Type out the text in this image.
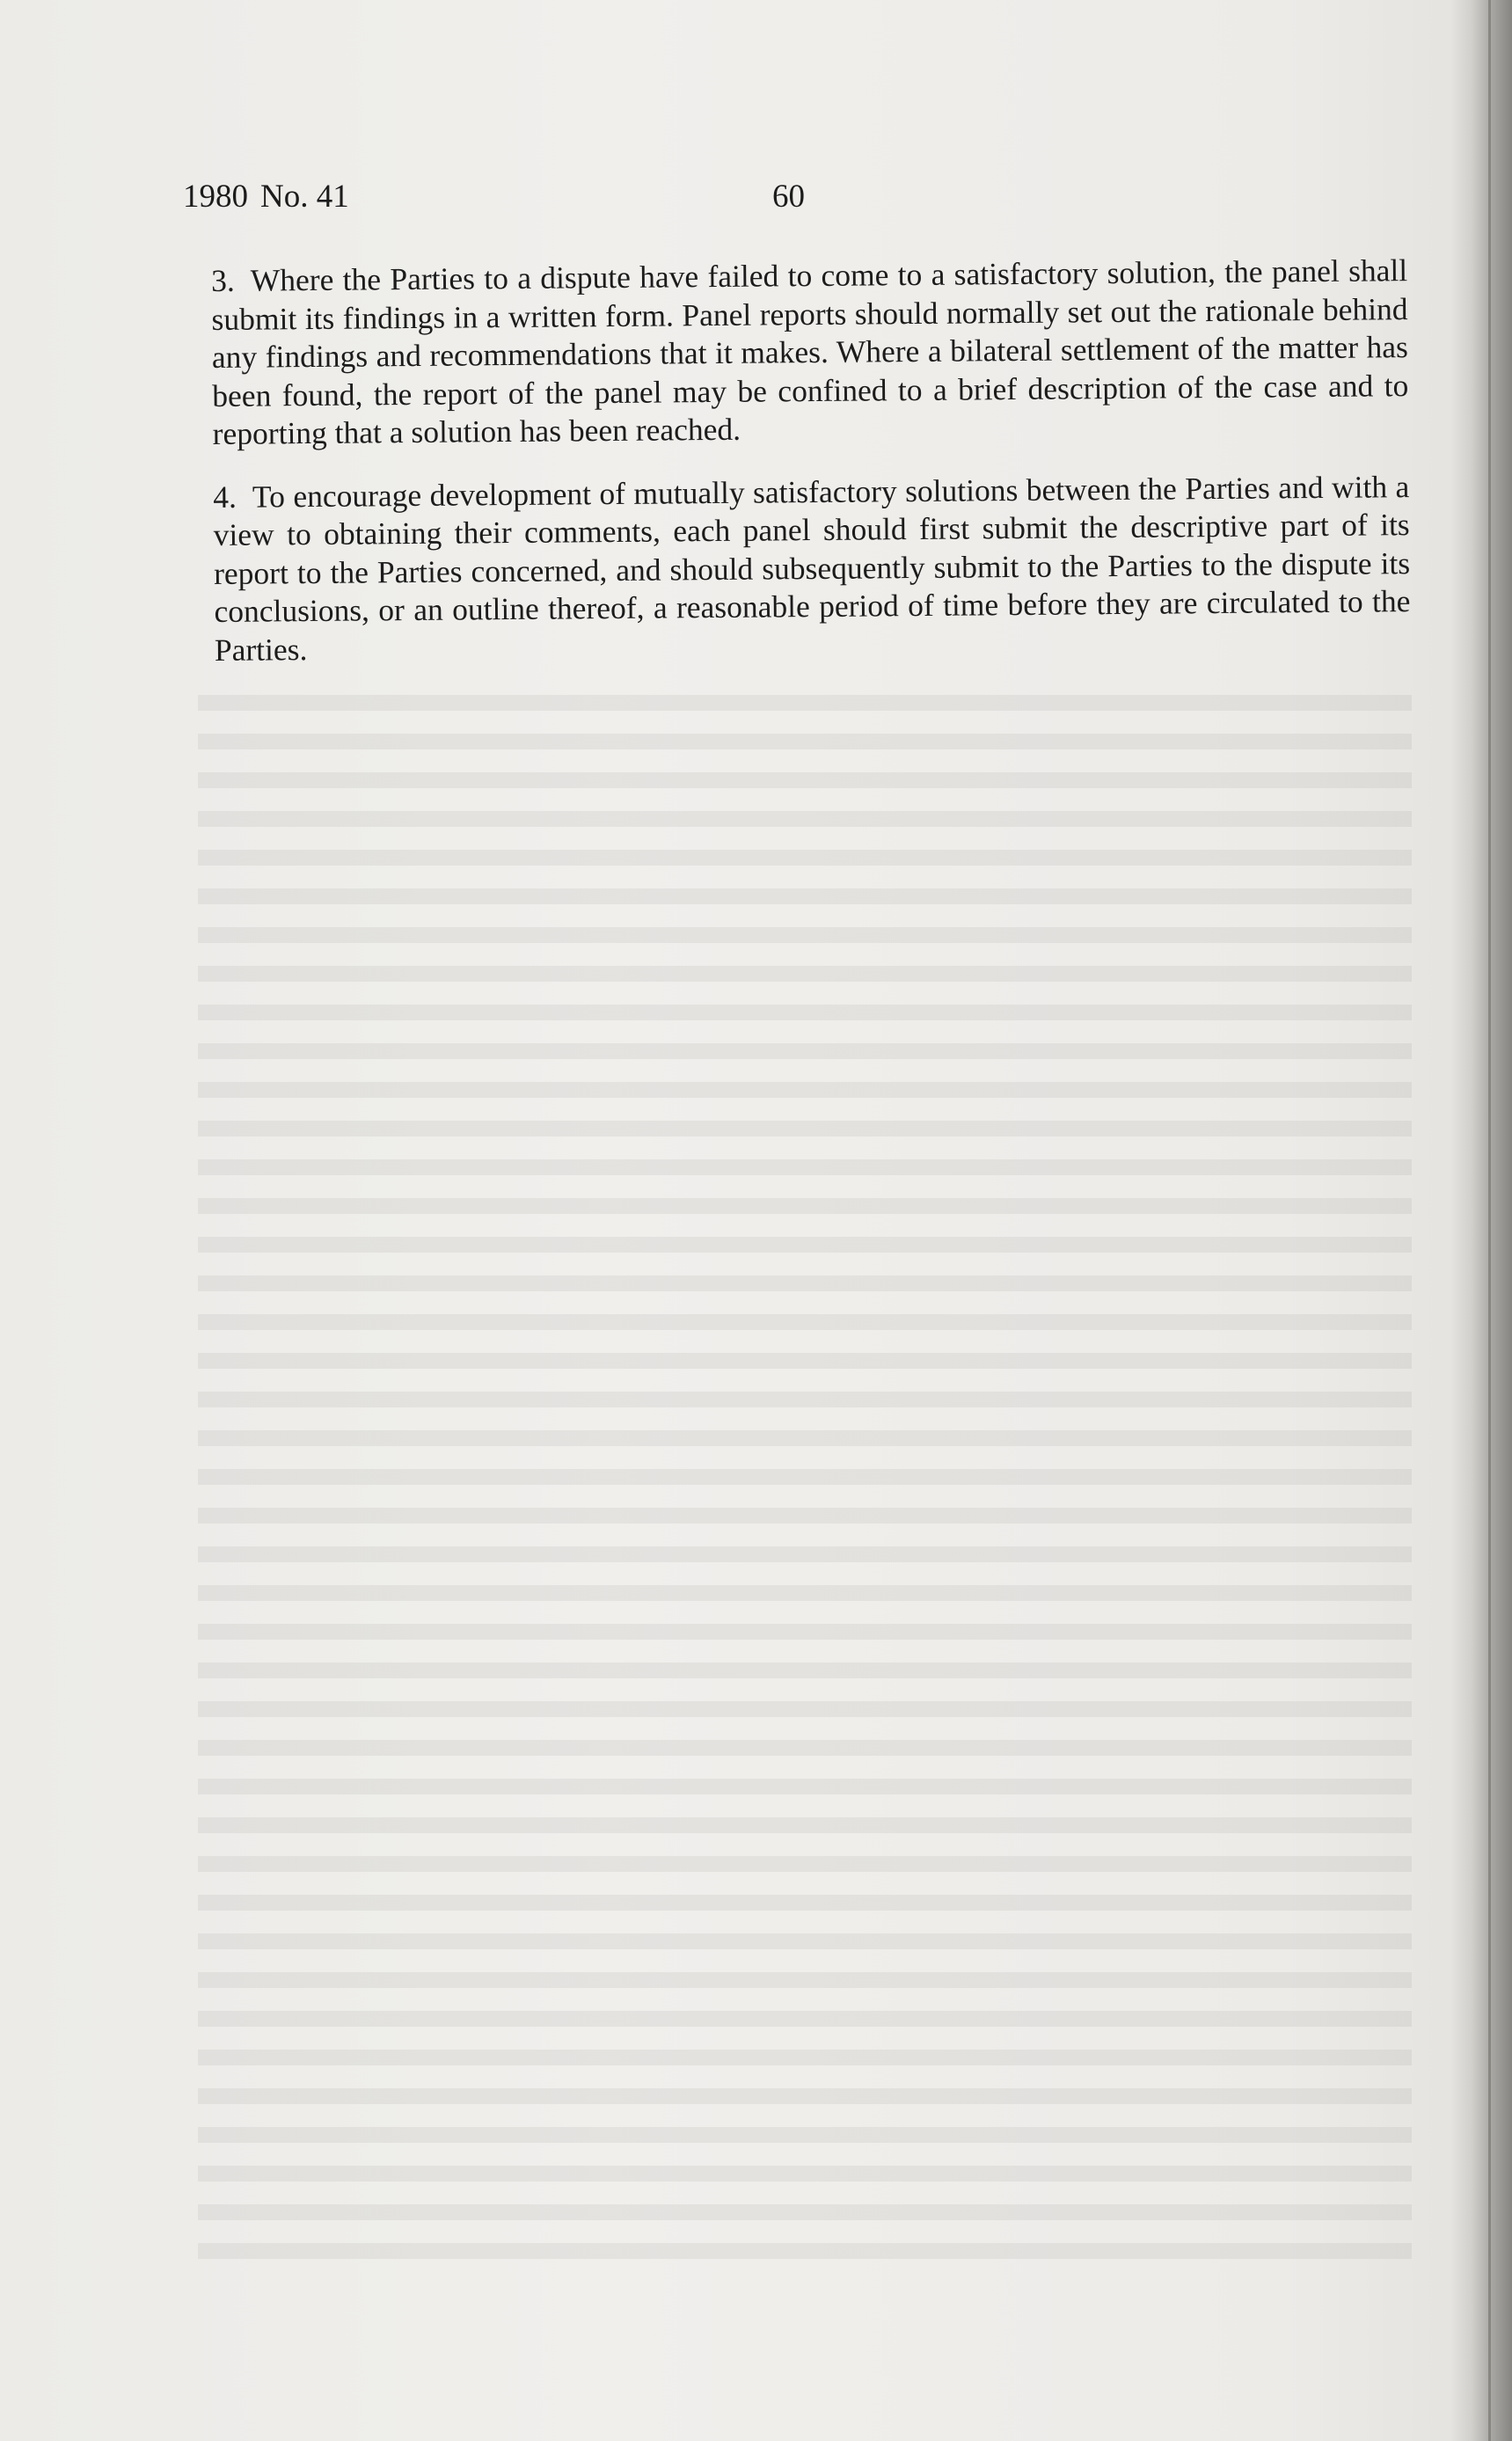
1980 No. 41	60

3. Where the Parties to a dispute have failed to come to a satisfactory solution, the panel shall submit its findings in a written form. Panel reports should normally set out the rationale behind any findings and recommendations that it makes. Where a bilateral settlement of the matter has been found, the report of the panel may be confined to a brief description of the case and to reporting that a solution has been reached.

4. To encourage development of mutually satisfactory solutions between the Parties and with a view to obtaining their comments, each panel should first submit the descriptive part of its report to the Parties concerned, and should subsequently submit to the Parties to the dispute its conclusions, or an outline thereof, a reasonable period of time before they are circulated to the Parties.
